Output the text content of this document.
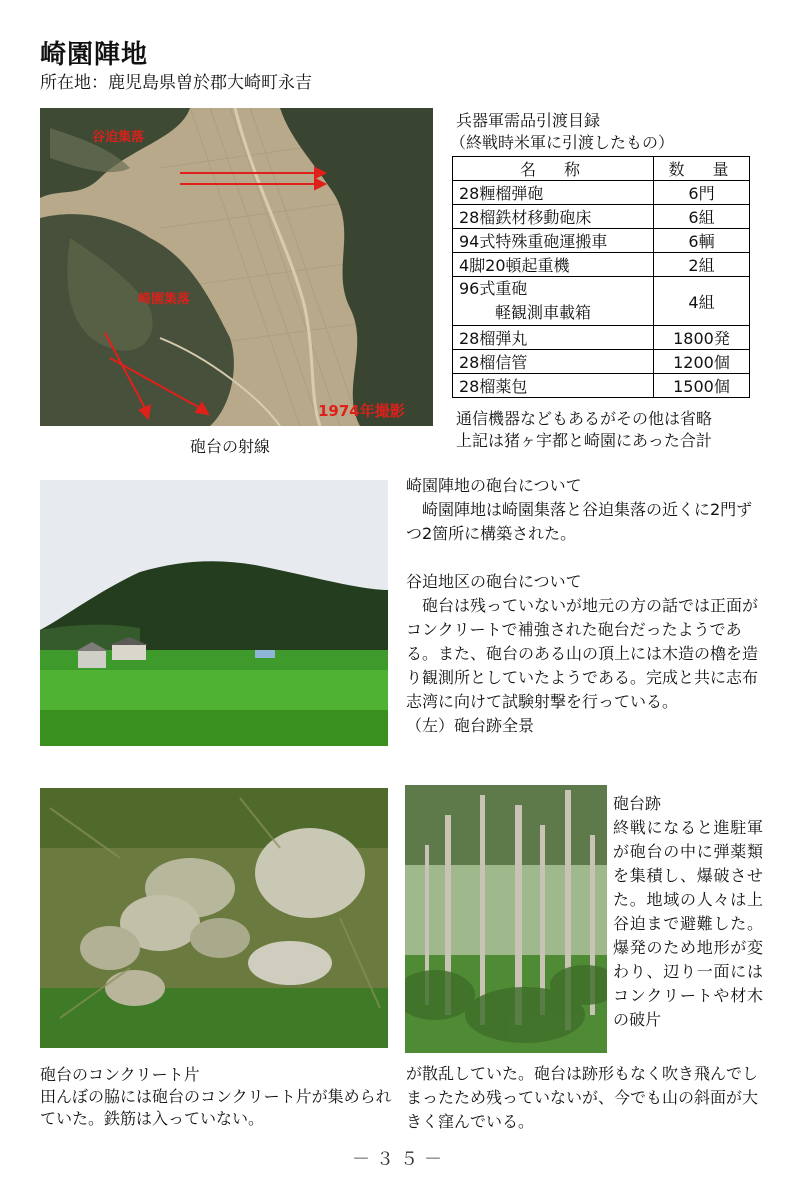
崎園陣地
所在地：鹿児島県曽於郡大崎町永吉
谷迫集落
崎園集落
1974年撮影
砲台の射線
兵器軍需品引渡目録
（終戦時米軍に引渡したもの）
名　称	数　量
28糎榴弾砲	6門
28榴鉄材移動砲床	6組
94式特殊重砲運搬車	6輌
4脚20頓起重機	2組

96式重砲
軽観測車載箱	4組
28榴弾丸	1800発
28榴信管	1200個
28榴薬包	1500個
通信機器などもあるがその他は省略
上記は猪ヶ宇都と崎園にあった合計
崎園陣地の砲台について
崎園陣地は崎園集落と谷迫集落の近くに2門ずつ2箇所に構築された。
谷迫地区の砲台について
砲台は残っていないが地元の方の話では正面がコンクリートで補強された砲台だったようである。また、砲台のある山の頂上には木造の櫓を造り観測所としていたようである。完成と共に志布志湾に向けて試験射撃を行っている。
（左）砲台跡全景
砲台のコンクリート片
田んぼの脇には砲台のコンクリート片が集められていた。鉄筋は入っていない。
砲台跡
終戦になると進駐軍が砲台の中に弾薬類を集積し、爆破させた。地域の人々は上谷迫まで避難した。爆発のため地形が変わり、辺り一面にはコンクリートや材木の破片
が散乱していた。砲台は跡形もなく吹き飛んでしまったため残っていないが、今でも山の斜面が大きく窪んでいる。
－３５－
